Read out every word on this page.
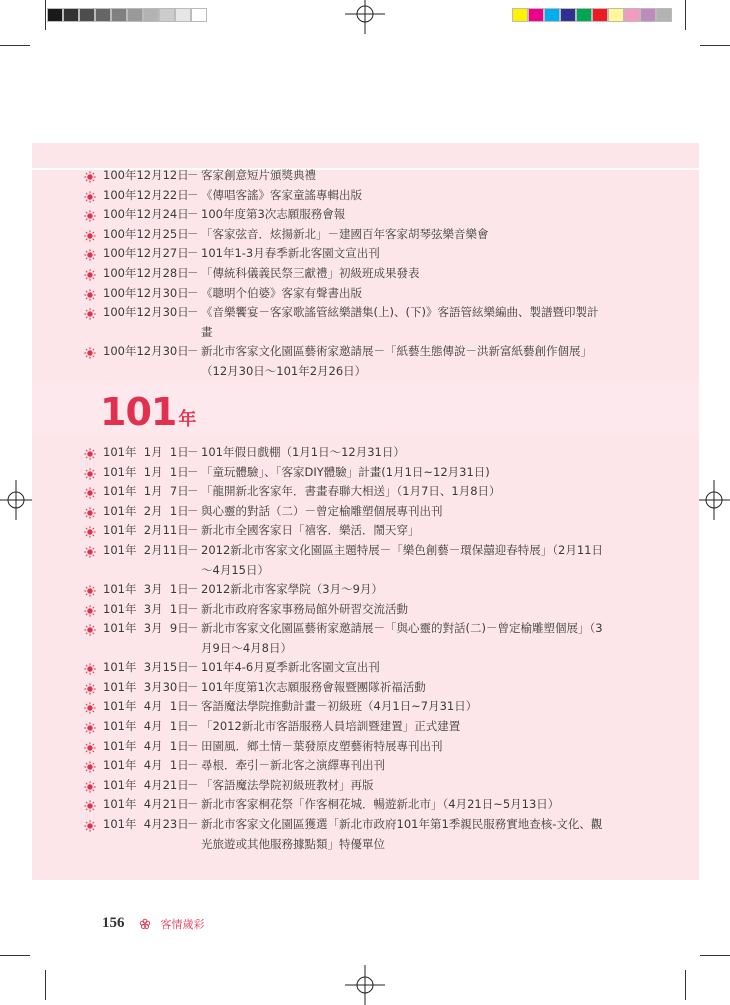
100年12月12日
－ 客家創意短片頒獎典禮
100年12月22日
－ 《傳唱客謠》客家童謠專輯出版
100年12月24日
－ 100年度第3次志願服務會報
100年12月25日
－ 「客家弦音．炫揚新北」－建國百年客家胡琴弦樂音樂會
100年12月27日
－ 101年1-3月春季新北客園文宣出刊
100年12月28日
－ 「傳統科儀義民祭三獻禮」初級班成果發表
100年12月30日
－ 《聰明个伯婆》客家有聲書出版
100年12月30日
－ 《音樂饗宴－客家歌謠管絃樂譜集(上)、(下)》客語管絃樂編曲、製譜暨印製計畫
100年12月30日
－ 新北市客家文化園區藝術家邀請展－「紙藝生態傳說－洪新富紙藝創作個展」（12月30日～101年2月26日）
101 年
101年  1月  1日
－ 101年假日戲棚（1月1日～12月31日）
101年  1月  1日
－ 「童玩體驗」、「客家DIY體驗」計畫(1月1日~12月31日)
101年  1月  7日
－ 「龍開新北客家年．書畫春聯大相送」（1月7日、1月8日）
101年  2月  1日
－ 與心靈的對話（二）－曾定榆雕塑個展專刊出刊
101年  2月11日
－ 新北市全國客家日「禧客．樂活．鬧天穿」
101年  2月11日
－ 2012新北市客家文化園區主題特展－「樂色創藝－環保囍迎春特展」（2月11日～4月15日）
101年  3月  1日
－ 2012新北市客家學院（3月～9月）
101年  3月  1日
－ 新北市政府客家事務局館外研習交流活動
101年  3月  9日
－ 新北市客家文化園區藝術家邀請展－「與心靈的對話(二)－曾定榆雕塑個展」（3月9日～4月8日）
101年  3月15日
－ 101年4-6月夏季新北客園文宣出刊
101年  3月30日
－ 101年度第1次志願服務會報暨團隊祈福活動
101年  4月  1日
－ 客語魔法學院推動計畫－初級班（4月1日~7月31日）
101年  4月  1日
－ 「2012新北市客語服務人員培訓暨建置」正式建置
101年  4月  1日
－ 田園風．鄉土情－葉發原皮塑藝術特展專刊出刊
101年  4月  1日
－ 尋根．牽引－新北客之演繹專刊出刊
101年  4月21日
－ 「客語魔法學院初級班教材」再版
101年  4月21日
－ 新北市客家桐花祭「作客桐花城．暢遊新北市」（4月21日~5月13日）
101年  4月23日
－ 新北市客家文化園區獲選「新北市政府101年第1季親民服務實地查核-文化、觀光旅遊或其他服務據點類」特優單位
156	客情歲彩
